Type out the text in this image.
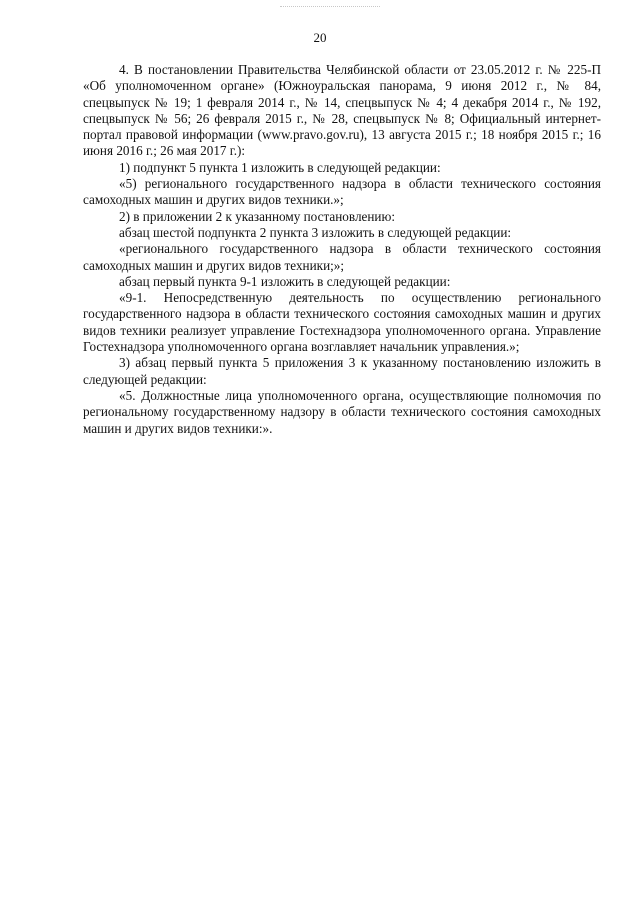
20

4. В постановлении Правительства Челябинской области от 23.05.2012 г. № 225-П «Об уполномоченном органе» (Южноуральская панорама, 9 июня 2012 г., № 84, спецвыпуск № 19; 1 февраля 2014 г., № 14, спецвыпуск № 4; 4 декабря 2014 г., № 192, спецвыпуск № 56; 26 февраля 2015 г., № 28, спецвыпуск № 8; Официальный интернет-портал правовой информации (www.pravo.gov.ru), 13 августа 2015 г.; 18 ноября 2015 г.; 16 июня 2016 г.; 26 мая 2017 г.):

1) подпункт 5 пункта 1 изложить в следующей редакции:

«5) регионального государственного надзора в области технического состояния самоходных машин и других видов техники.»;

2) в приложении 2 к указанному постановлению:

абзац шестой подпункта 2 пункта 3 изложить в следующей редакции:

«регионального государственного надзора в области технического состояния самоходных машин и других видов техники;»;

абзац первый пункта 9-1 изложить в следующей редакции:

«9-1. Непосредственную деятельность по осуществлению регионального государственного надзора в области технического состояния самоходных машин и других видов техники реализует управление Гостехнадзора уполномоченного органа. Управление Гостехнадзора уполномоченного органа возглавляет начальник управления.»;

3) абзац первый пункта 5 приложения 3 к указанному постановлению изложить в следующей редакции:

«5. Должностные лица уполномоченного органа, осуществляющие полномочия по региональному государственному надзору в области технического состояния самоходных машин и других видов техники:».
